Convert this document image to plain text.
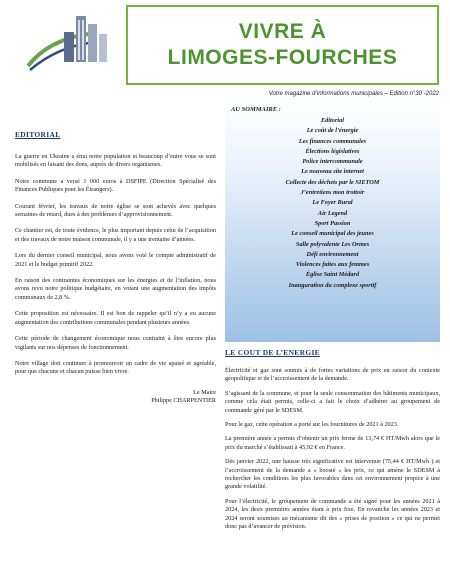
VIVRE À
LIMOGES-FOURCHES
Votre magazine d’informations municipales – Edition n°30 -2022
EDITORIAL

La guerre en Ukraine a ému notre population et beaucoup d’entre vous se sont mobilisés en faisant des dons, auprès de divers organismes.

Notre commune a versé 1 000 euros à DSFIPE (Direction Spécialisé des Finances Publiques pour les Étrangers).

Courant février, les travaux de notre église se sont achevés avec quelques semaines de retard, dues à des problèmes d’approvisionnement.

Ce chantier est, de toute évidence, le plus important depuis celui de l’acquisition et des travaux de notre maison communale, il y a une trentaine d’années.

Lors du dernier conseil municipal, nous avons voté le compte administratif de 2021 et le budget primitif 2022.

En raison des contraintes économiques sur les énergies et de l’inflation, nous avons revu notre politique budgétaire, en votant une augmentation des impôts communaux de 2,8 %.

Cette proposition est nécessaire. Il est bon de rappeler qu’il n’y a eu aucune augmentation des contributions communales pendant plusieurs années.

Cette période de changement économique nous contraint à être encore plus vigilants sur nos dépenses de fonctionnement.

Notre village doit continuer à promouvoir un cadre de vie apaisé et agréable, pour que chacune et chacun puisse bien vivre.

Le Maire
Philippe CHARPENTIER
AU SOMMAIRE :
Editorial
Le coût de l’énergie
Les finances communales
Élections législatives
Police intercommunale
Le nouveau site internet
Collecte des déchets par le SIETOM
J’entretiens mon trottoir
Le Foyer Rural
Air Legend
Sport Passion
Le conseil municipal des jeunes
Salle polyvalente Les Ormes
Défi environnement
Violences faites aux femmes
Église Saint Médard
Inauguration du complexe sportif
LE COUT DE L’ENERGIE

Électricité et gaz sont soumis à de fortes variations de prix en raison du contexte géopolitique et de l’accroissement de la demande.

S’agissant de la commune, et pour la seule consommation des bâtiments municipaux, comme cela était permis, celle-ci a fait le choix d’adhérer au groupement de commande géré par le SDESM.

Pour le gaz, cette opération a porté sur les fournitures de 2021 à 2023.

La première année a permis d’obtenir un prix ferme de 13,74 € HT/Mwh alors que le prix du marché s’établissait à 45,92 € en France.

Dès janvier 2022, une hausse très significative est intervenue (75,44 € HT/Mwh ) et l’accroissement de la demande a « boosté » les prix, ce qui amène le SDESM à rechercher les conditions les plus favorables dans cet environnement propice à une grande volatilité.

Pour l’électricité, le groupement de commande a été signé pour les années 2021 à 2024, les deux premières années étant à prix fixe. En revanche les années 2023 et 2024 seront soumises au mécanisme dit des « prises de position » ce qui ne permet donc pas d’avancer de prévision.
